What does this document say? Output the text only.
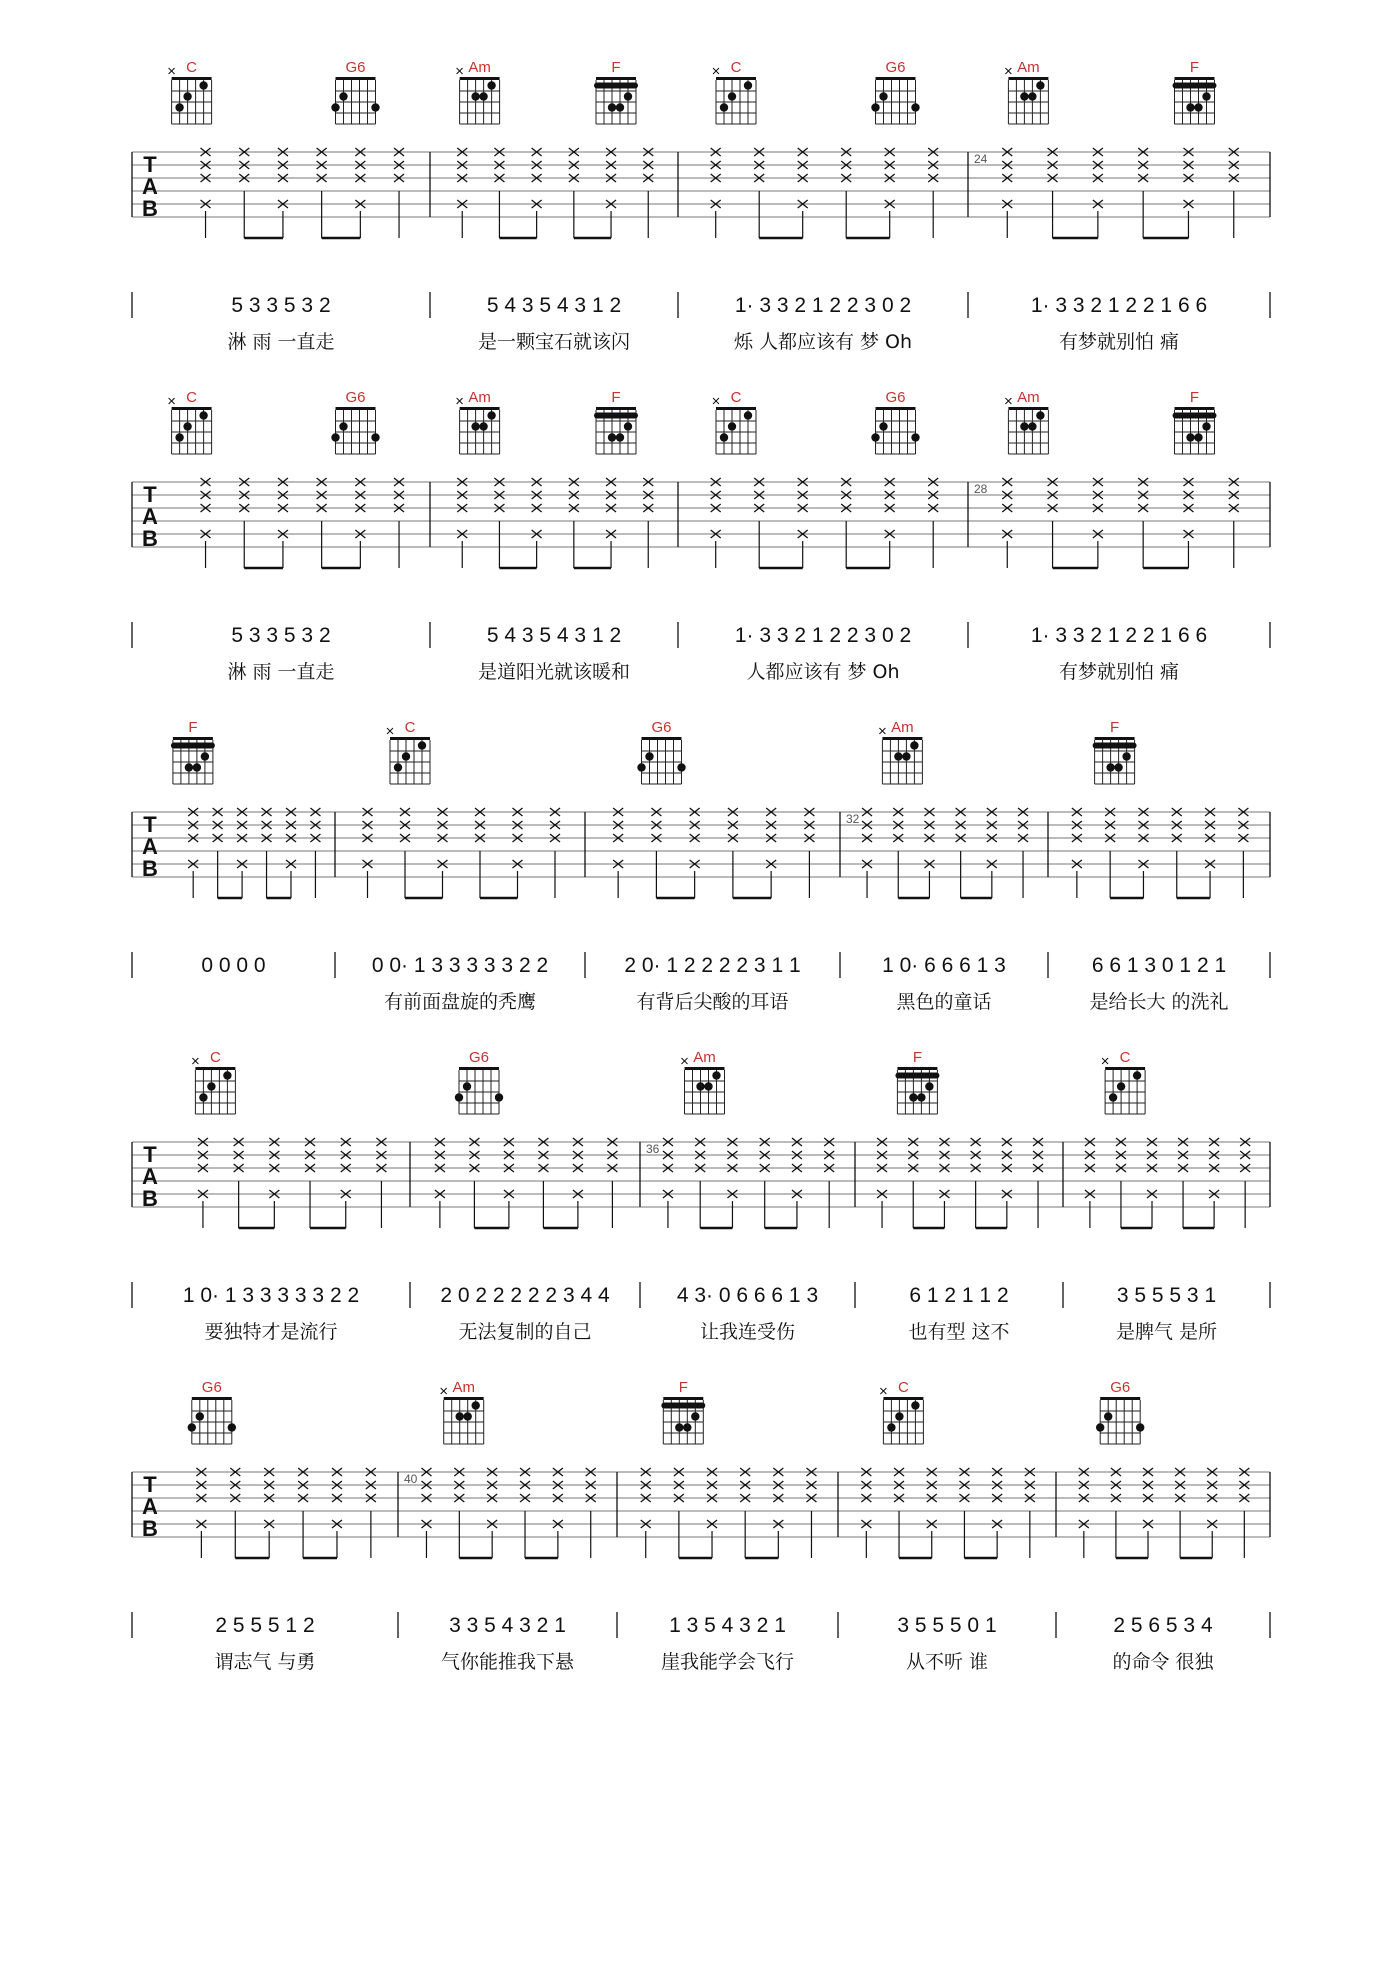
T
A
B
C	G6
5 3 3 5 3 2
淋 雨 一直走
Am	F
5 4 3 5 4 3 1 2
是一颗宝石就该闪
C	G6
1· 3 3 2 1 2 2 3 0 2
烁 人都应该有 梦 Oh
Am	F
24
1· 3 3 2 1 2 2 1 6 6
有梦就别怕 痛
T
A
B
C	G6
5 3 3 5 3 2
淋 雨 一直走
Am	F
5 4 3 5 4 3 1 2
是道阳光就该暖和
C	G6
1· 3 3 2 1 2 2 3 0 2
人都应该有 梦 Oh
Am	F
28
1· 3 3 2 1 2 2 1 6 6
有梦就别怕 痛
T
A
B
F
0 0 0 0
C
0 0· 1 3 3 3 3 3 2 2
有前面盘旋的秃鹰
G6
2 0· 1 2 2 2 2 3 1 1
有背后尖酸的耳语
Am
32
1 0· 6 6 6 1 3
黑色的童话
F
6 6 1 3 0 1 2 1
是给长大 的洗礼
T
A
B
C
1 0· 1 3 3 3 3 3 2 2
要独特才是流行
G6
2 0 2 2 2 2 2 3 4 4
无法复制的自己
Am
36
4 3· 0 6 6 6 1 3
让我连受伤
F
6 1 2 1 1 2
也有型 这不
C
3 5 5 5 3 1
是脾气 是所
T
A
B
G6
2 5 5 5 1 2
谓志气 与勇
Am
40
3 3 5 4 3 2 1
气你能推我下悬
F
1 3 5 4 3 2 1
崖我能学会飞行
C
3 5 5 5 0 1
从不听 谁
G6
2 5 6 5 3 4
的命令 很独
